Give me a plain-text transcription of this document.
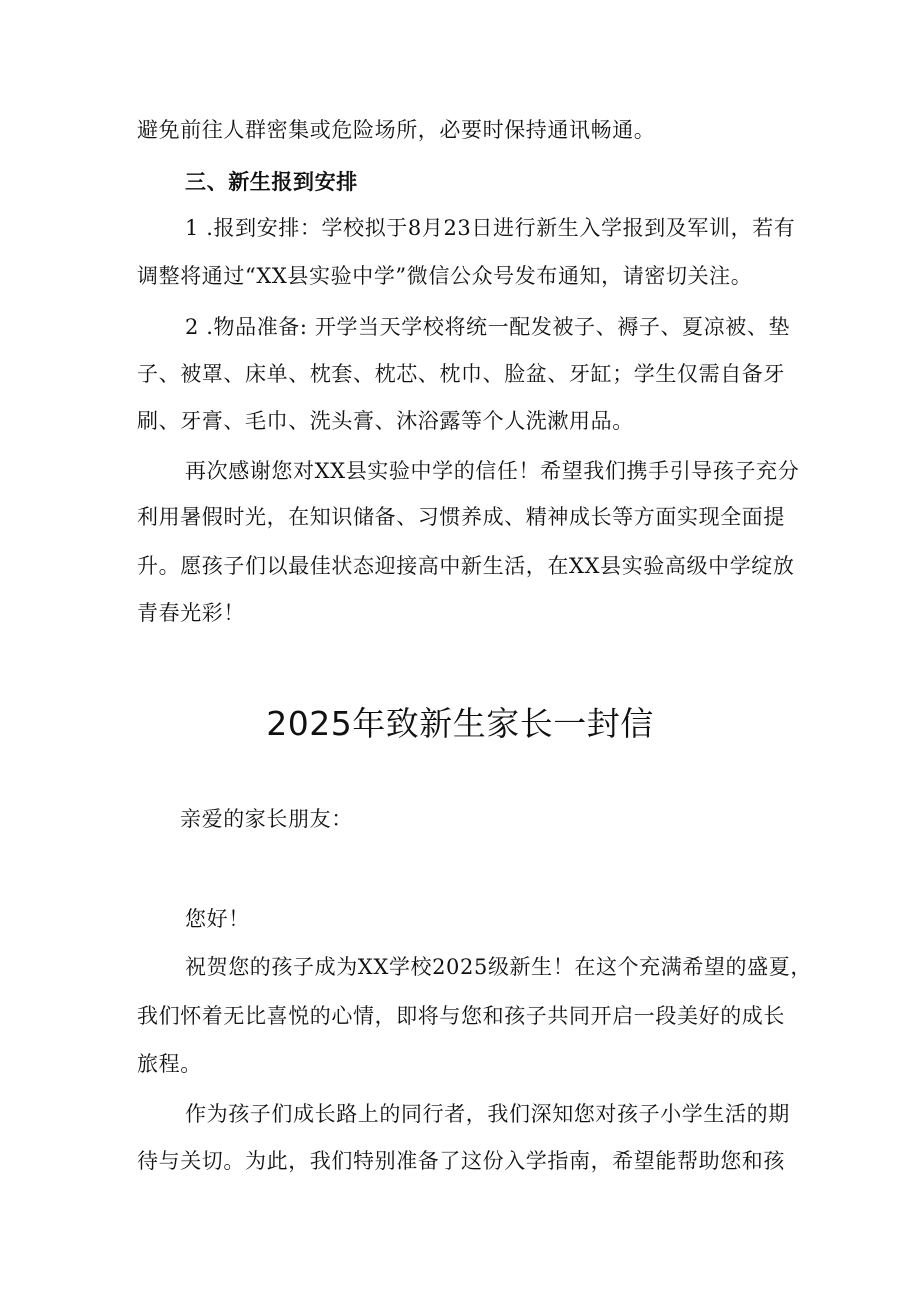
避免前往人群密集或危险场所，必要时保持通讯畅通。
三、新生报到安排
1 .报到安排：学校拟于8月23日进行新生入学报到及军训，若有
调整将通过“XX县实验中学”微信公众号发布通知，请密切关注。
2 .物品准备: 开学当天学校将统一配发被子、褥子、夏凉被、垫
子、被罩、床单、枕套、枕芯、枕巾、脸盆、牙缸；学生仅需自备牙
刷、牙膏、毛巾、洗头膏、沐浴露等个人洗漱用品。
再次感谢您对XX县实验中学的信任！希望我们携手引导孩子充分
利用暑假时光，在知识储备、习惯养成、精神成长等方面实现全面提
升。愿孩子们以最佳状态迎接高中新生活，在XX县实验高级中学绽放
青春光彩！
2025年致新生家长一封信
亲爱的家长朋友：
您好！
祝贺您的孩子成为XX学校2025级新生！在这个充满希望的盛夏，
我们怀着无比喜悦的心情，即将与您和孩子共同开启一段美好的成长
旅程。
作为孩子们成长路上的同行者，我们深知您对孩子小学生活的期
待与关切。为此，我们特别准备了这份入学指南，希望能帮助您和孩
